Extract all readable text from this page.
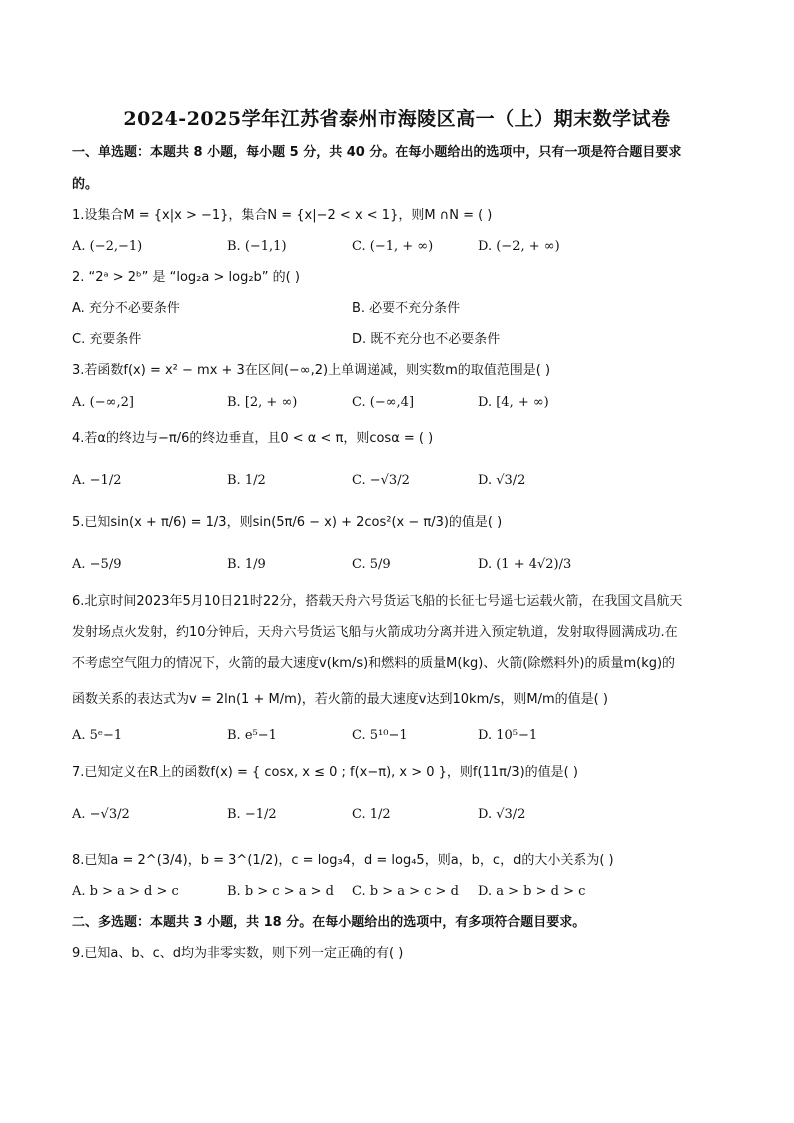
2024-2025学年江苏省泰州市海陵区高一（上）期末数学试卷
一、单选题：本题共 8 小题，每小题 5 分，共 40 分。在每小题给出的选项中，只有一项是符合题目要求
的。
1.设集合M = {x|x > −1}，集合N = {x|−2 < x < 1}，则M ∩N = ( )
A. (−2,−1)	B. (−1,1)	C. (−1, + ∞)	D. (−2, + ∞)
2. “2ᵃ > 2ᵇ” 是 “log₂a > log₂b” 的( )
A. 充分不必要条件	B. 必要不充分条件
C. 充要条件	D. 既不充分也不必要条件
3.若函数f(x) = x² − mx + 3在区间(−∞,2)上单调递减，则实数m的取值范围是( )
A. (−∞,2]	B. [2, + ∞)	C. (−∞,4]	D. [4, + ∞)
4.若α的终边与−π/6的终边垂直，且0 < α < π，则cosα = ( )
A. −1/2	B. 1/2	C. −√3/2	D. √3/2
5.已知sin(x + π/6) = 1/3，则sin(5π/6 − x) + 2cos²(x − π/3)的值是( )
A. −5/9	B. 1/9	C. 5/9	D. (1 + 4√2)/3
6.北京时间2023年5月10日21时22分，搭载天舟六号货运飞船的长征七号遥七运载火箭，在我国文昌航天
发射场点火发射，约10分钟后，天舟六号货运飞船与火箭成功分离并进入预定轨道，发射取得圆满成功.在
不考虑空气阻力的情况下，火箭的最大速度v(km/s)和燃料的质量M(kg)、火箭(除燃料外)的质量m(kg)的
函数关系的表达式为v = 2ln(1 + M/m)，若火箭的最大速度v达到10km/s，则M/m的值是( )
A. 5ᵉ−1	B. e⁵−1	C. 5¹⁰−1	D. 10⁵−1
7.已知定义在R上的函数f(x) = { cosx, x ≤ 0 ; f(x−π), x > 0 }，则f(11π/3)的值是( )
A. −√3/2	B. −1/2	C. 1/2	D. √3/2
8.已知a = 2^(3/4)，b = 3^(1/2)，c = log₃4，d = log₄5，则a，b，c，d的大小关系为( )
A. b > a > d > c	B. b > c > a > d C. b > a > c > d D. a > b > d > c
二、多选题：本题共 3 小题，共 18 分。在每小题给出的选项中，有多项符合题目要求。
9.已知a、b、c、d均为非零实数，则下列一定正确的有( )
